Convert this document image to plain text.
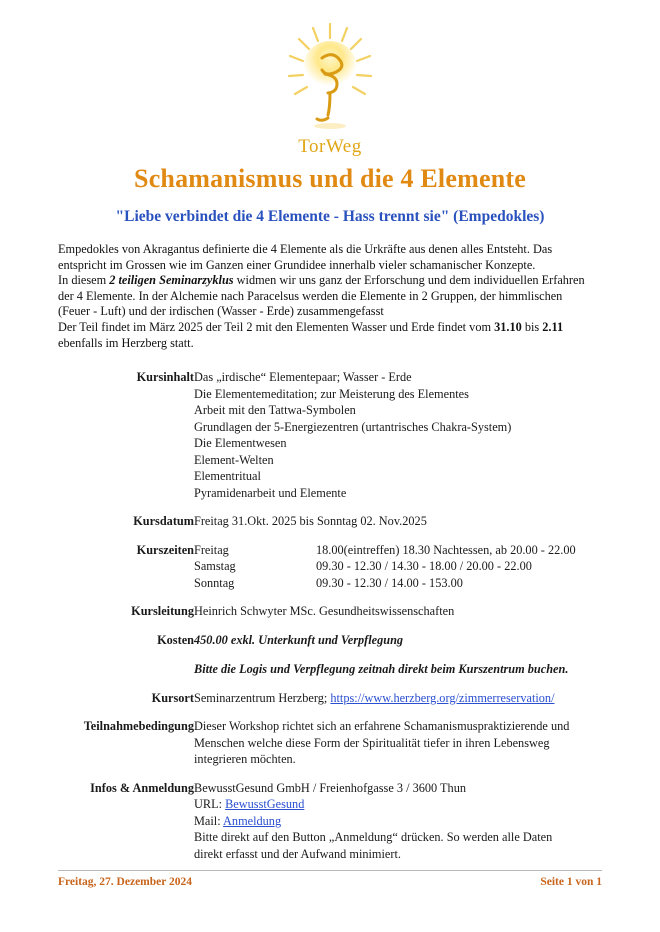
TorWeg
Schamanismus und die 4 Elemente
"Liebe verbindet die 4 Elemente - Hass trennt sie" (Empedokles)

Empedokles von Akragantus definierte die 4 Elemente als die Urkräfte aus denen alles Entsteht. Das

entspricht im Grossen wie im Ganzen einer Grundidee innerhalb vieler schamanischer Konzepte.

In diesem 2 teiligen Seminarzyklus widmen wir uns ganz der Erforschung und dem individuellen Erfahren

der 4 Elemente. In der Alchemie nach Paracelsus werden die Elemente in 2 Gruppen, der himmlischen

(Feuer - Luft) und der irdischen (Wasser - Erde) zusammengefasst

Der Teil findet im März 2025 der Teil 2 mit den Elementen Wasser und Erde findet vom 31.10 bis 2.11

ebenfalls im Herzberg statt.

Kursinhalt	Das „irdische“ Elementepaar; Wasser - Erde
Die Elementemeditation; zur Meisterung des Elementes
Arbeit mit den Tattwa-Symbolen
Grundlagen der 5-Energiezentren (urtantrisches Chakra-System)
Die Elementwesen
Element-Welten
Elementritual
Pyramidenarbeit und Elemente

Kursdatum	Freitag 31.Okt. 2025 bis Sonntag 02. Nov.2025

Kurszeiten	Freitag	18.00(eintreffen) 18.30 Nachtessen, ab 20.00 - 22.00
Samstag	09.30 - 12.30 / 14.30 - 18.00 / 20.00 - 22.00
Sonntag	09.30 - 12.30 / 14.00 - 153.00

Kursleitung	Heinrich Schwyter MSc. Gesundheitswissenschaften

Kosten	450.00 exkl. Unterkunft und Verpflegung
Bitte die Logis und Verpflegung zeitnah direkt beim Kurszentrum buchen.

Kursort	Seminarzentrum Herzberg; https://www.herzberg.org/zimmerreservation/

Teilnahmebedingung	Dieser Workshop richtet sich an erfahrene Schamanismuspraktizierende und
Menschen welche diese Form der Spiritualität tiefer in ihren Lebensweg
integrieren möchten.

Infos & Anmeldung	BewusstGesund GmbH / Freienhofgasse 3 / 3600 Thun
URL: BewusstGesund
Mail: Anmeldung
Bitte direkt auf den Button „Anmeldung“ drücken. So werden alle Daten
direkt erfasst und der Aufwand minimiert.
Freitag, 27. Dezember 2024	Seite 1 von 1
